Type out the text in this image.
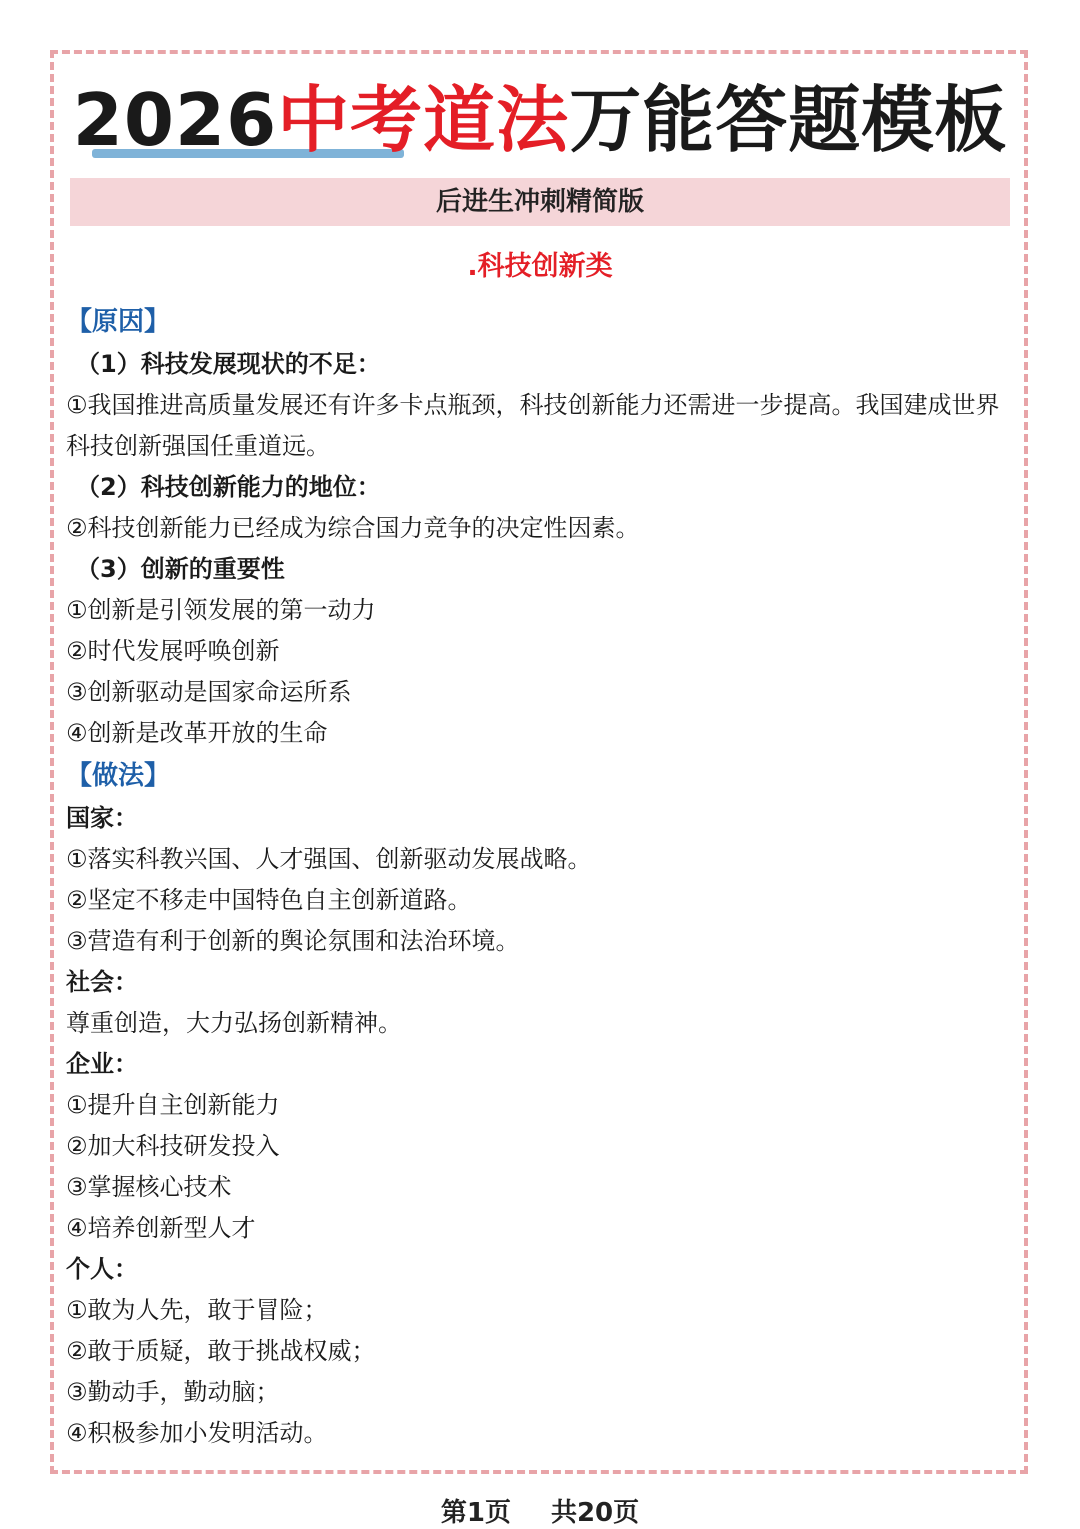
2026中考道法万能答题模板
后进生冲刺精简版
.科技创新类
【原因】
（1）科技发展现状的不足：
①我国推进高质量发展还有许多卡点瓶颈，科技创新能力还需进一步提高。我国建成世界科技创新强国任重道远。
（2）科技创新能力的地位：
②科技创新能力已经成为综合国力竞争的决定性因素。
（3）创新的重要性
①创新是引领发展的第一动力
②时代发展呼唤创新
③创新驱动是国家命运所系
④创新是改革开放的生命
【做法】
国家：
①落实科教兴国、人才强国、创新驱动发展战略。
②坚定不移走中国特色自主创新道路。
③营造有利于创新的舆论氛围和法治环境。
社会：
尊重创造，大力弘扬创新精神。
企业：
①提升自主创新能力
②加大科技研发投入
③掌握核心技术
④培养创新型人才
个人：
①敢为人先，敢于冒险；
②敢于质疑，敢于挑战权威；
③勤动手，勤动脑；
④积极参加小发明活动。
第1页 共20页
